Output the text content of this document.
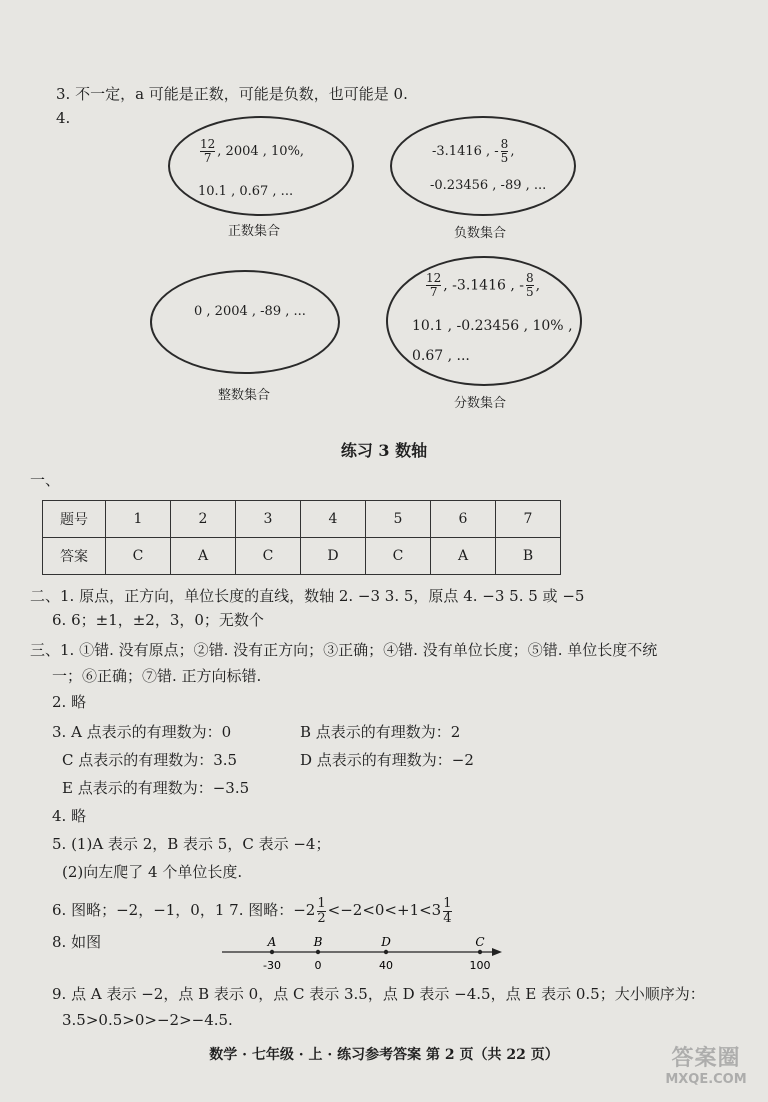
3. 不一定，a 可能是正数，可能是负数，也可能是 0.
4.
$\frac{12}{7}$ , 2004 , 10%,
10.1 , 0.67 , ...
正数集合
-3.1416 , - $\frac{8}{5}$ ,
-0.23456 , -89 , ...
负数集合
0 , 2004 , -89 , ...
整数集合
$\frac{12}{7}$ , -3.1416 , - $\frac{8}{5}$ ,
10.1 , -0.23456 , 10% ,
0.67 , ...
分数集合
练习 3 数轴
一、
题号	1	2	3	4	5	6	7
答案	C	A	C	D	C	A	B
二、1. 原点，正方向，单位长度的直线，数轴 2. −3 3. 5，原点 4. −3 5. 5 或 −5
6. 6；±1，±2，3，0；无数个
三、1. ①错. 没有原点；②错. 没有正方向；③正确；④错. 没有单位长度；⑤错. 单位长度不统
一；⑥正确；⑦错. 正方向标错.
2. 略
3. A 点表示的有理数为：0	B 点表示的有理数为：2
C 点表示的有理数为：3.5	D 点表示的有理数为：−2
E 点表示的有理数为：−3.5
4. 略
5. (1)A 表示 2，B 表示 5，C 表示 −4；
(2)向左爬了 4 个单位长度.
6. 图略；−2，−1，0，1 7. 图略：$-2 \frac{1}{2} <-2<0<+1<3 \frac{1}{4}$
8. 如图	A
-30
B
0
D
40
C
100
9. 点 A 表示 −2，点 B 表示 0，点 C 表示 3.5，点 D 表示 −4.5，点 E 表示 0.5；大小顺序为：
3.5>0.5>0>−2>−4.5.
数学 · 七年级 · 上 · 练习参考答案 第 2 页（共 22 页）	答案圈
MXQE.COM
